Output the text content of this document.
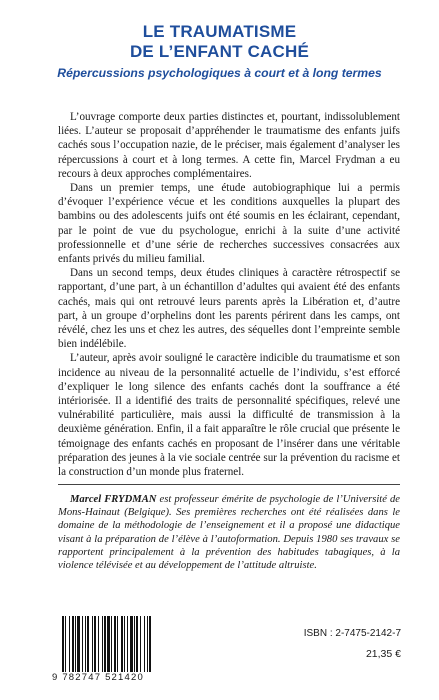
LE TRAUMATISME
DE L’ENFANT CACHÉ
Répercussions psychologiques à court et à long termes

L’ouvrage comporte deux parties distinctes et, pourtant, indissolublement liées. L’auteur se proposait d’appréhender le traumatisme des enfants juifs cachés sous l’occupation nazie, de le préciser, mais également d’analyser les répercussions à court et à long termes. A cette fin, Marcel Frydman a eu recours à deux approches complémentaires.

Dans un premier temps, une étude autobiographique lui a permis d’évoquer l’expérience vécue et les conditions auxquelles la plupart des bambins ou des adolescents juifs ont été soumis en les éclairant, cependant, par le point de vue du psychologue, enrichi à la suite d’une activité professionnelle et d’une série de recherches successives consacrées aux enfants privés du milieu familial.

Dans un second temps, deux études cliniques à caractère rétrospectif se rapportant, d’une part, à un échantillon d’adultes qui avaient été des enfants cachés, mais qui ont retrouvé leurs parents après la Libération et, d’autre part, à un groupe d’orphelins dont les parents périrent dans les camps, ont révélé, chez les uns et chez les autres, des séquelles dont l’empreinte semble bien indélébile.

L’auteur, après avoir souligné le caractère indicible du traumatisme et son incidence au niveau de la personnalité actuelle de l’individu, s’est efforcé d’expliquer le long silence des enfants cachés dont la souffrance a été intériorisée. Il a identifié des traits de personnalité spécifiques, relevé une vulnérabilité particulière, mais aussi la difficulté de transmission à la deuxième génération. Enfin, il a fait apparaître le rôle crucial que présente le témoignage des enfants cachés en proposant de l’insérer dans une véritable préparation des jeunes à la vie sociale centrée sur la prévention du racisme et la construction d’un monde plus fraternel.

Marcel FRYDMAN est professeur émérite de psychologie de l’Université de Mons-Hainaut (Belgique). Ses premières recherches ont été réalisées dans le domaine de la méthodologie de l’enseignement et il a proposé une didactique visant à la préparation de l’élève à l’autoformation. Depuis 1980 ses travaux se rapportent principalement à la prévention des habitudes tabagiques, à la violence télévisée et au développement de l’attitude altruiste.
9 782747 521420
ISBN : 2-7475-2142-7
21,35 €
